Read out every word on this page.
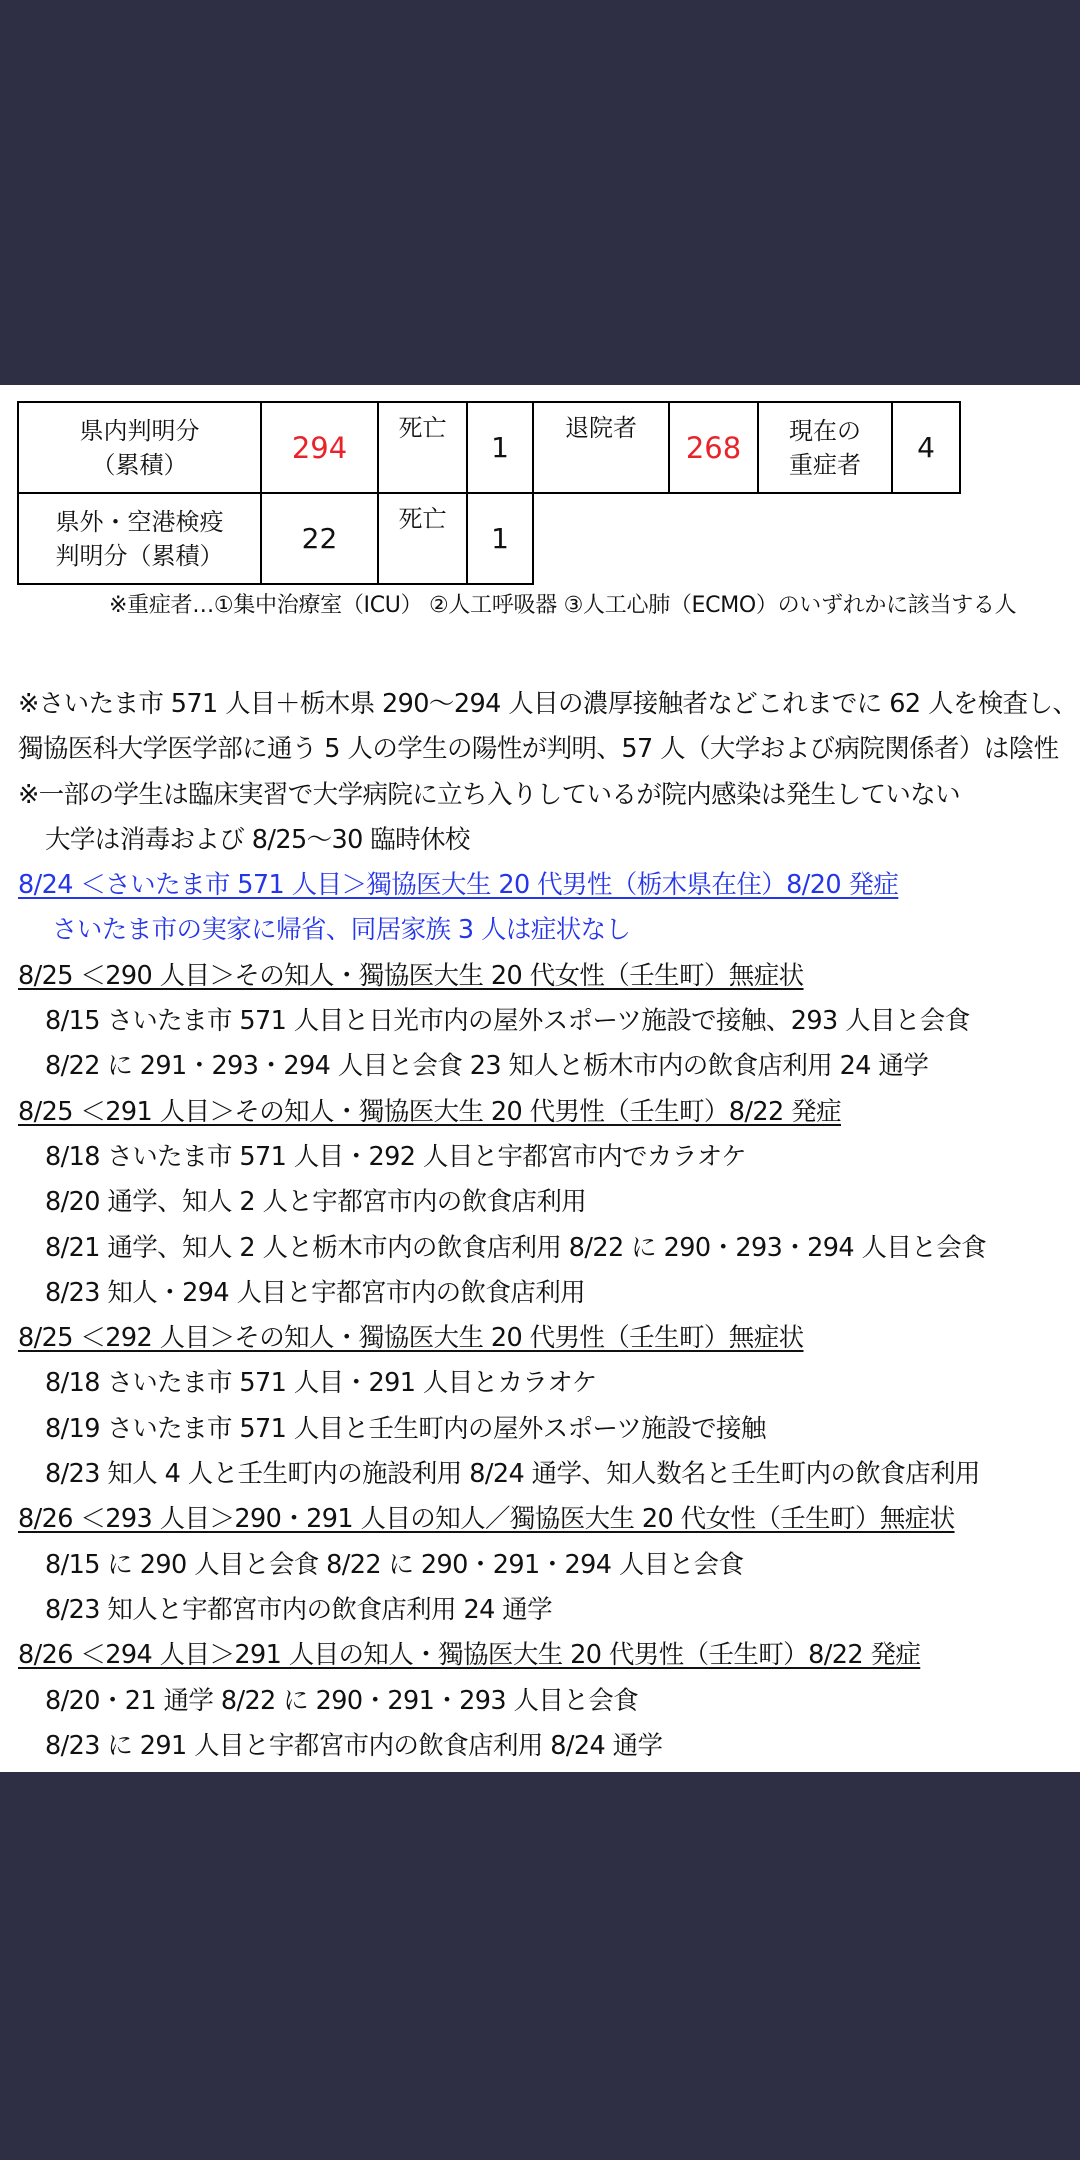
県内判明分
（累積）	294	死亡	1	退院者	268	現在の
重症者	4
県外・空港検疫
判明分（累積）	22	死亡	1				
※重症者…①集中治療室（ICU） ②人工呼吸器 ③人工心肺（ECMO）のいずれかに該当する人
※さいたま市 571 人目＋栃木県 290～294 人目の濃厚接触者などこれまでに 62 人を検査し、
獨協医科大学医学部に通う 5 人の学生の陽性が判明、57 人（大学および病院関係者）は陰性
※一部の学生は臨床実習で大学病院に立ち入りしているが院内感染は発生していない
大学は消毒および 8/25～30 臨時休校
8/24 ＜さいたま市 571 人目＞獨協医大生 20 代男性（栃木県在住）8/20 発症
さいたま市の実家に帰省、同居家族 3 人は症状なし
8/25 ＜290 人目＞その知人・獨協医大生 20 代女性（壬生町）無症状
8/15 さいたま市 571 人目と日光市内の屋外スポーツ施設で接触、293 人目と会食
8/22 に 291・293・294 人目と会食 23 知人と栃木市内の飲食店利用 24 通学
8/25 ＜291 人目＞その知人・獨協医大生 20 代男性（壬生町）8/22 発症
8/18 さいたま市 571 人目・292 人目と宇都宮市内でカラオケ
8/20 通学、知人 2 人と宇都宮市内の飲食店利用
8/21 通学、知人 2 人と栃木市内の飲食店利用 8/22 に 290・293・294 人目と会食
8/23 知人・294 人目と宇都宮市内の飲食店利用
8/25 ＜292 人目＞その知人・獨協医大生 20 代男性（壬生町）無症状
8/18 さいたま市 571 人目・291 人目とカラオケ
8/19 さいたま市 571 人目と壬生町内の屋外スポーツ施設で接触
8/23 知人 4 人と壬生町内の施設利用 8/24 通学、知人数名と壬生町内の飲食店利用
8/26 ＜293 人目＞290・291 人目の知人／獨協医大生 20 代女性（壬生町）無症状
8/15 に 290 人目と会食 8/22 に 290・291・294 人目と会食
8/23 知人と宇都宮市内の飲食店利用 24 通学
8/26 ＜294 人目＞291 人目の知人・獨協医大生 20 代男性（壬生町）8/22 発症
8/20・21 通学 8/22 に 290・291・293 人目と会食
8/23 に 291 人目と宇都宮市内の飲食店利用 8/24 通学
